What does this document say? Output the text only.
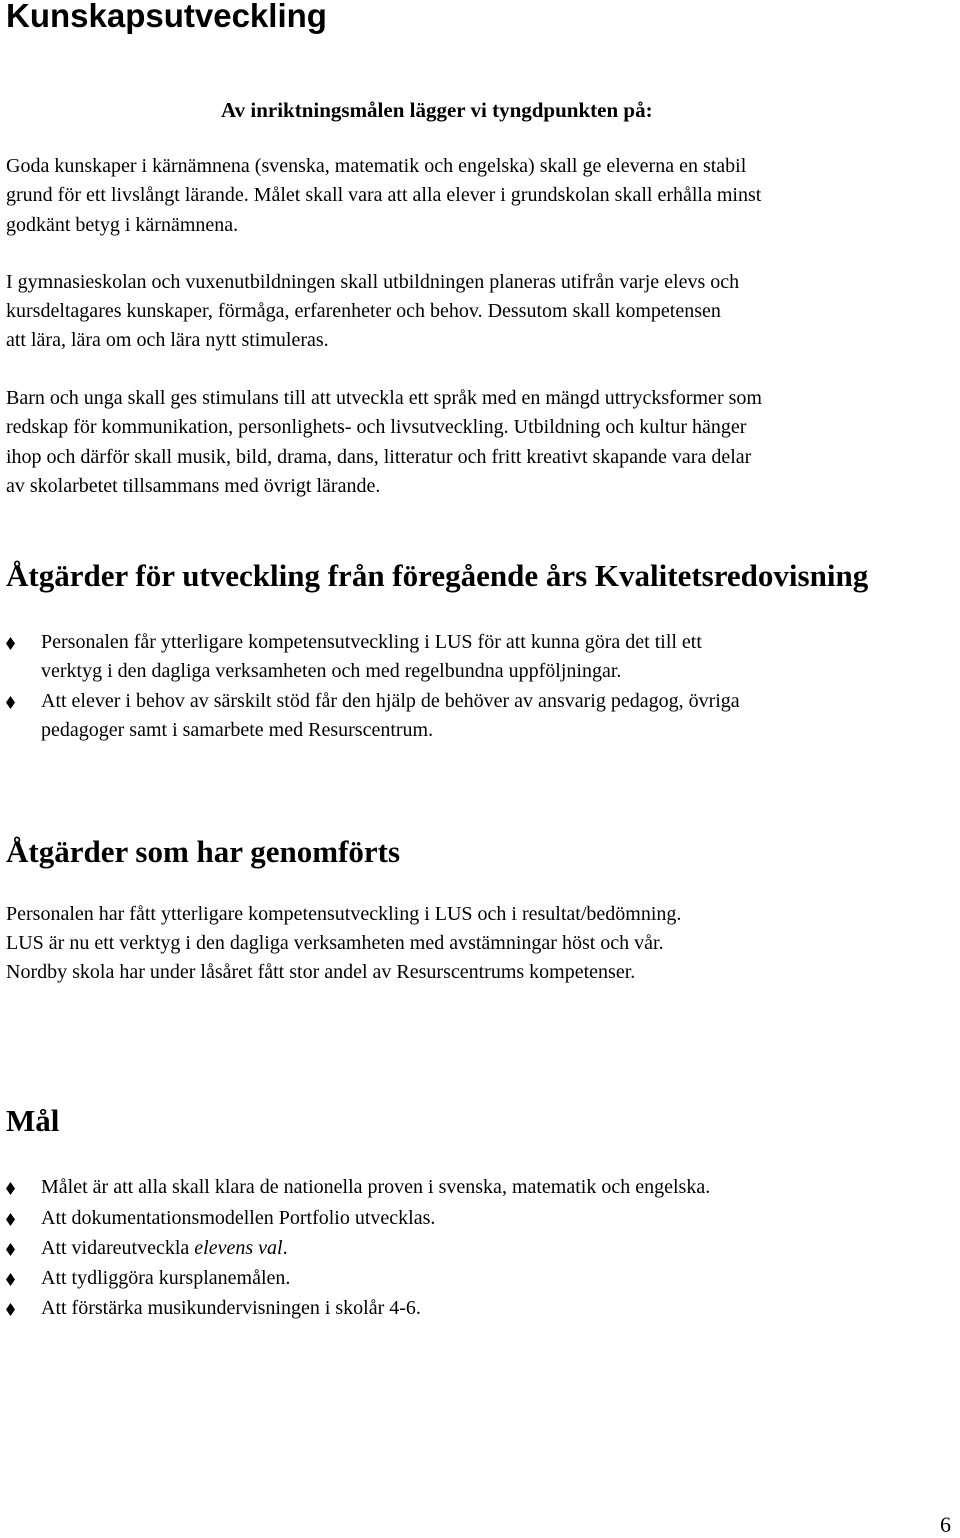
Kunskapsutveckling
Av inriktningsmålen lägger vi tyngdpunkten på:
Goda kunskaper i kärnämnena (svenska, matematik och engelska) skall ge eleverna en stabil
grund för ett livslångt lärande. Målet skall vara att alla elever i grundskolan skall erhålla minst
godkänt betyg i kärnämnena.
I gymnasieskolan och vuxenutbildningen skall utbildningen planeras utifrån varje elevs och
kursdeltagares kunskaper, förmåga, erfarenheter och behov. Dessutom skall kompetensen
att lära, lära om och lära nytt stimuleras.
Barn och unga skall ges stimulans till att utveckla ett språk med en mängd uttrycksformer som
redskap för kommunikation, personlighets- och livsutveckling. Utbildning och kultur hänger
ihop och därför skall musik, bild, drama, dans, litteratur och fritt kreativt skapande vara delar
av skolarbetet tillsammans med övrigt lärande.
Åtgärder för utveckling från föregående års Kvalitetsredovisning
Personalen får ytterligare kompetensutveckling i LUS för att kunna göra det till ett
verktyg i den dagliga verksamheten och med regelbundna uppföljningar.
Att elever i behov av särskilt stöd får den hjälp de behöver av ansvarig pedagog, övriga
pedagoger samt i samarbete med Resurscentrum.
Åtgärder som har genomförts
Personalen har fått ytterligare kompetensutveckling i LUS och i resultat/bedömning.
LUS är nu ett verktyg i den dagliga verksamheten med avstämningar höst och vår.
Nordby skola har under låsåret fått stor andel av Resurscentrums kompetenser.
Mål
Målet är att alla skall klara de nationella proven i svenska, matematik och engelska.
Att dokumentationsmodellen Portfolio utvecklas.
Att vidareutveckla elevens val.
Att tydliggöra kursplanemålen.
Att förstärka musikundervisningen i skolår 4-6.
6
